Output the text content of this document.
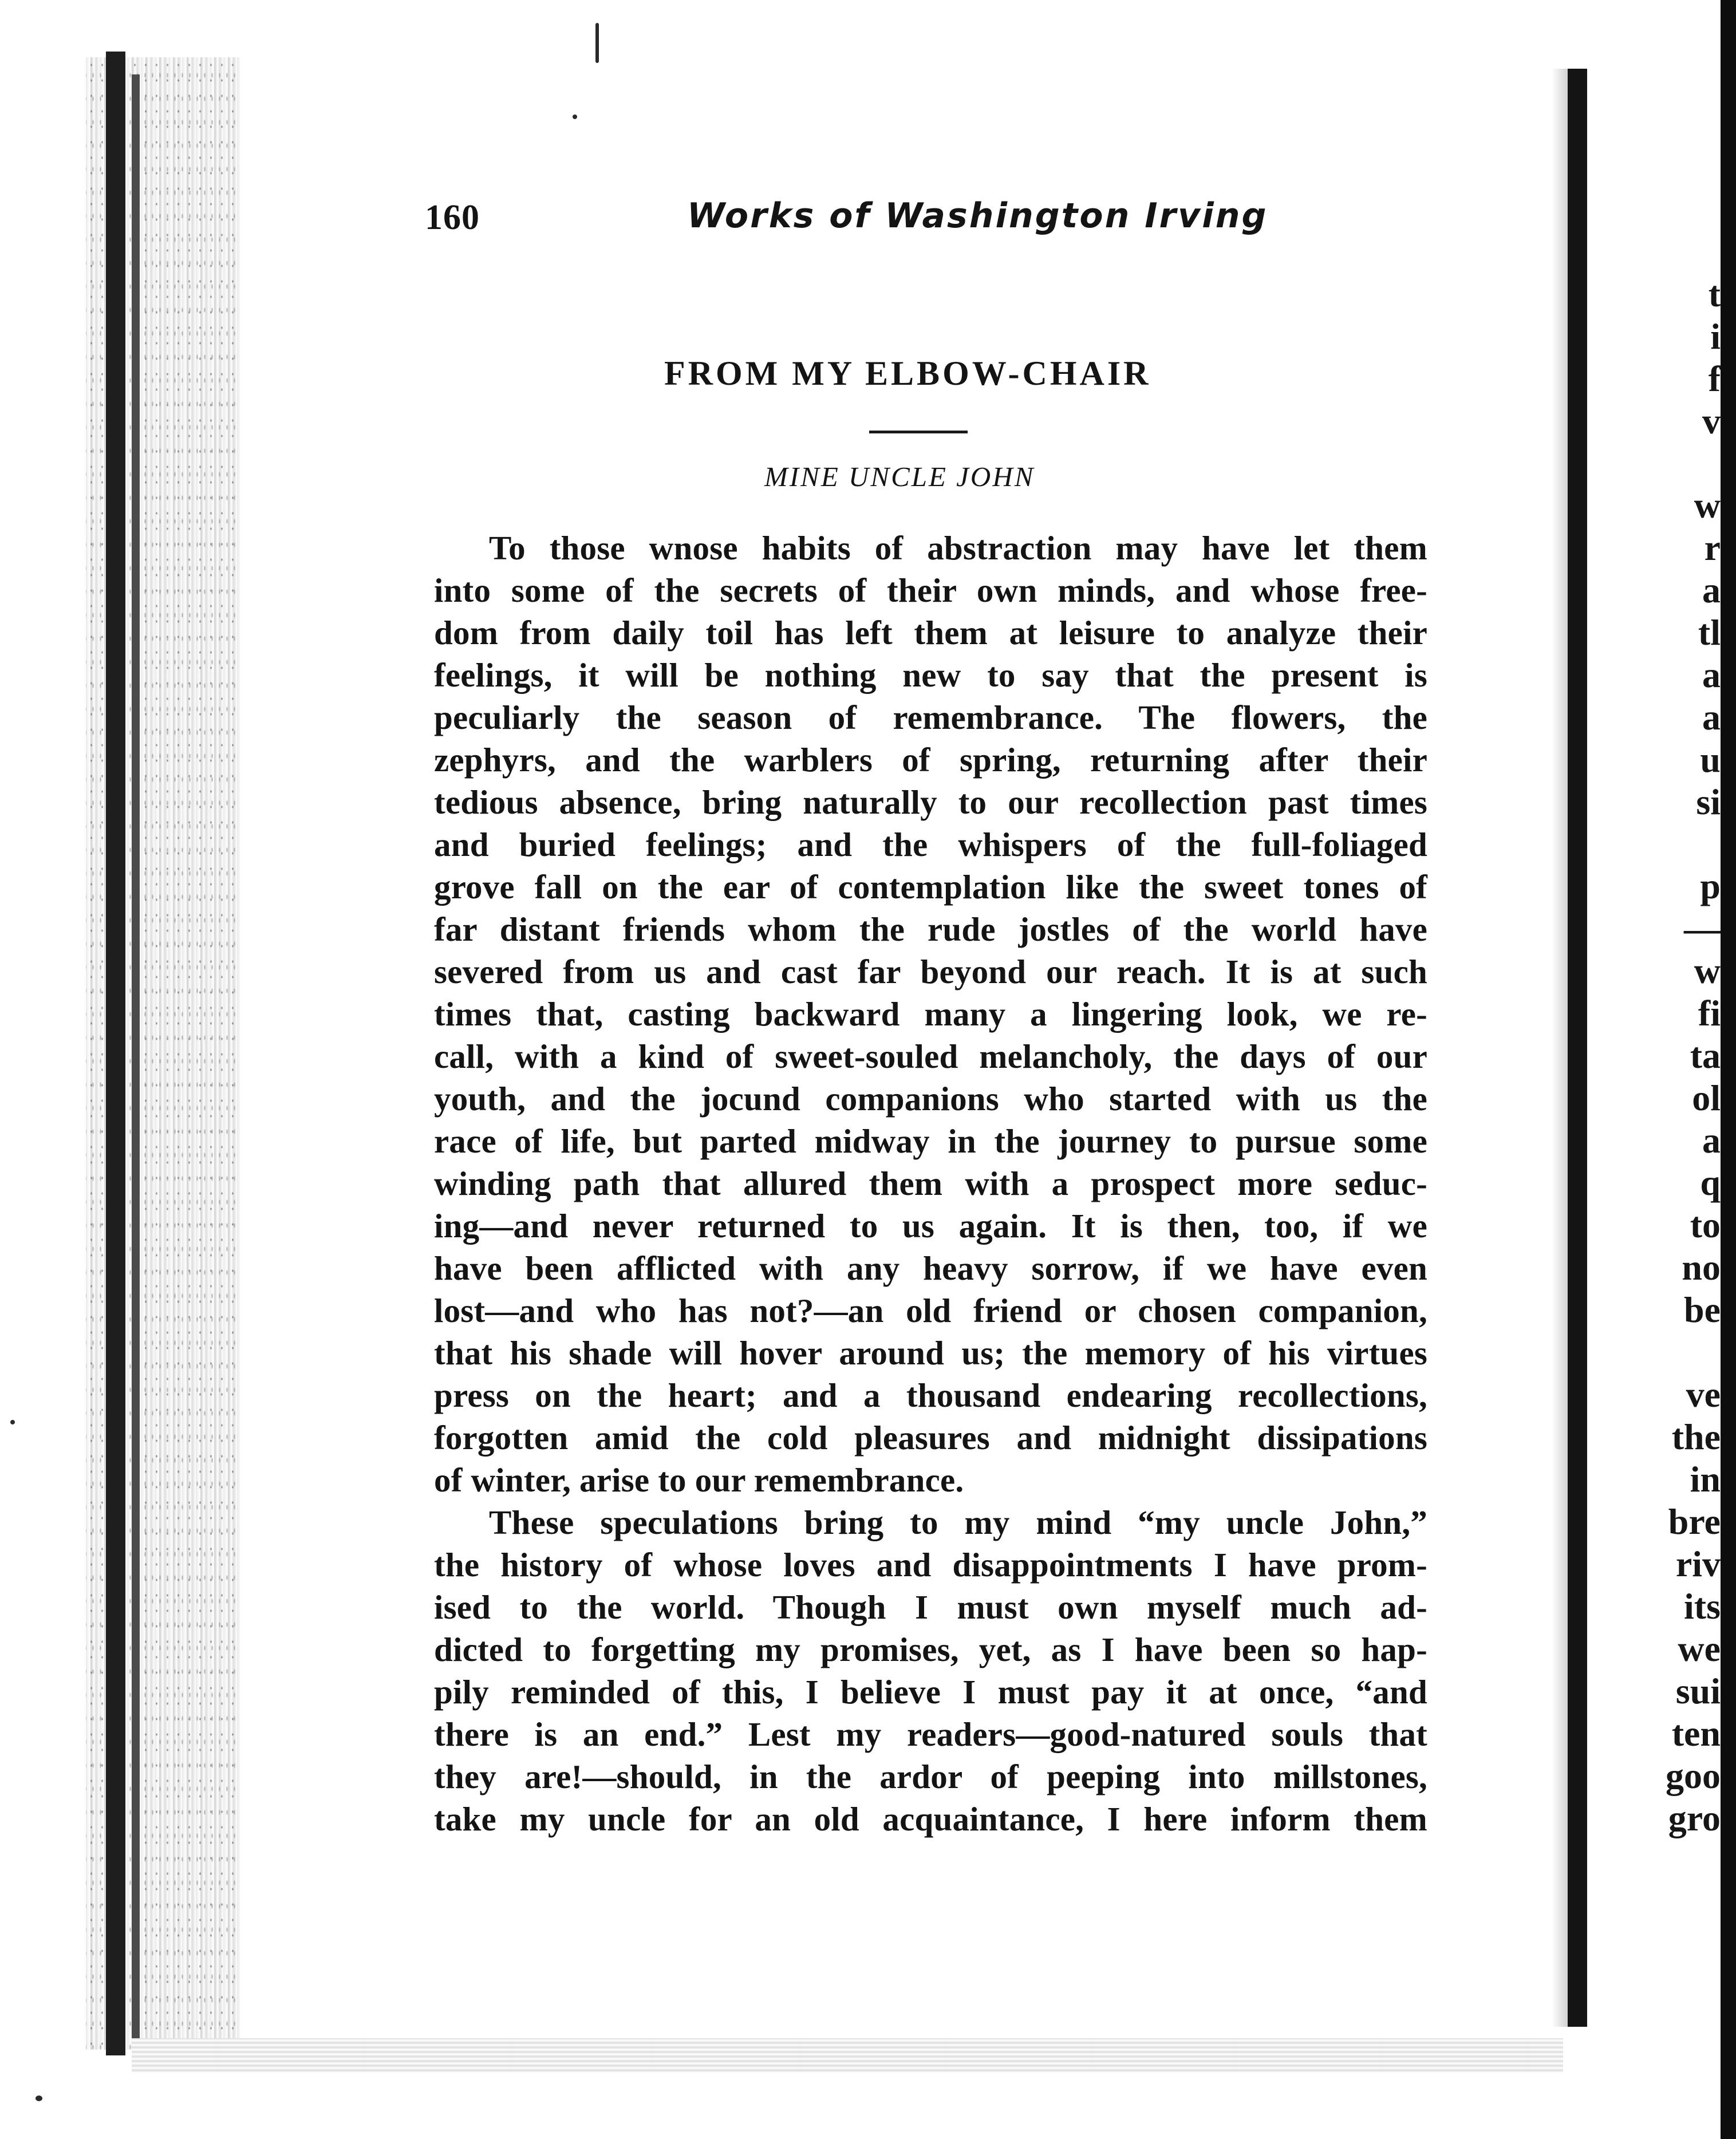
t
i
f
v
w
r
a
tl
a
a
u
si
p
—
w
fi
ta
ol
a
q
to
no
be
ve
the
in
bre
riv
its
we
sui
ten
goo
gro
160	Works of Washington Irving
FROM MY ELBOW-CHAIR
MINE UNCLE JOHN
To those wnose habits of abstraction may have let them
into some of the secrets of their own minds, and whose free-
dom from daily toil has left them at leisure to analyze their
feelings, it will be nothing new to say that the present is
peculiarly the season of remembrance. The flowers, the
zephyrs, and the warblers of spring, returning after their
tedious absence, bring naturally to our recollection past times
and buried feelings; and the whispers of the full-foliaged
grove fall on the ear of contemplation like the sweet tones of
far distant friends whom the rude jostles of the world have
severed from us and cast far beyond our reach. It is at such
times that, casting backward many a lingering look, we re-
call, with a kind of sweet-souled melancholy, the days of our
youth, and the jocund companions who started with us the
race of life, but parted midway in the journey to pursue some
winding path that allured them with a prospect more seduc-
ing—and never returned to us again. It is then, too, if we
have been afflicted with any heavy sorrow, if we have even
lost—and who has not?—an old friend or chosen companion,
that his shade will hover around us; the memory of his virtues
press on the heart; and a thousand endearing recollections,
forgotten amid the cold pleasures and midnight dissipations
of winter, arise to our remembrance.
These speculations bring to my mind “my uncle John,”
the history of whose loves and disappointments I have prom-
ised to the world. Though I must own myself much ad-
dicted to forgetting my promises, yet, as I have been so hap-
pily reminded of this, I believe I must pay it at once, “and
there is an end.” Lest my readers—good-natured souls that
they are!—should, in the ardor of peeping into millstones,
take my uncle for an old acquaintance, I here inform them
